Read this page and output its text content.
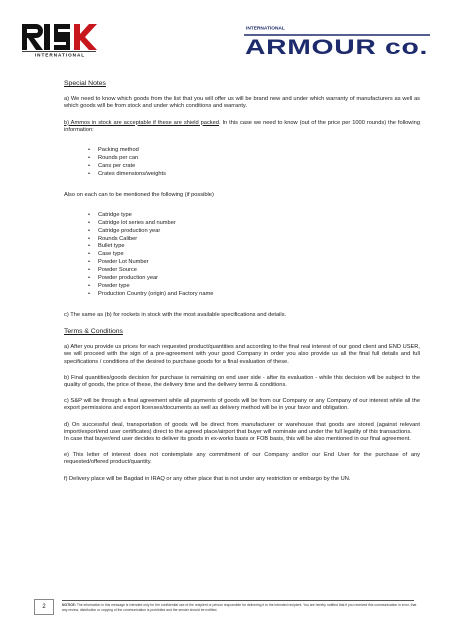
INTERNATIONAL
INTERNATIONAL
ARMOUR co.

Special Notes

a) We need to know which goods from the list that you will offer us will be brand new and under which warranty of manufacturers as well as which goods will be from stock and under which conditions and warranty.

b) Ammos in stock are acceptable if these are shield packed. In this case we need to know (out of the price per 1000 rounds) the following information:

• Packing method
• Rounds per can
• Cans per crate
• Crates dimensions/weights

Also on each can to be mentioned the following (if possible)

• Catridge type
• Catridge lot series and number
• Catridge production year
• Rounds Caliber
• Bullet type
• Case type
• Powder Lot Number
• Powder Source
• Powder production year
• Powder type
• Production Country (origin) and Factory name

c) The same as (b) for rockets in stock with the most available specifications and details.

Terms & Conditions

a) After you provide us prices for each requested product/quantities and according to the final real interest of our good client and END USER, we will proceed with the sign of a pre-agreement with your good Company in order you also provide us all the final full details and full specifications / conditions of the desired to purchase goods for a final evaluation of these.

b) Final quantities/goods decision for purchase is remaining on end user side - after its evaluation - while this decision will be subject to the quality of goods, the price of these, the delivery time and the delivery terms & conditions.

c) S&P will be through a final agreement while all payments of goods will be from our Company or any Company of our interest while all the export permissions and export licenses/documents as well as delivery method will be in your favor and obligation.

d) On successful deal, transportation of goods will be direct from manufacturer or warehouse that goods are stored (against relevant import/export/end user certificates) direct to the agreed place/airport that buyer will nominate and under the full legality of this transactions.
In case that buyer/end user decides to deliver its goods in ex-works basis or FOB basis, this will be also mentioned in our final agreement.

e) This letter of interest does not contemplate any commitment of our Company and/or our End User for the purchase of any requested/offered product/quantity.

f) Delivery place will be Bagdad in IRAQ or any other place that is not under any restriction or embargo by the UN.

2	NOTICE: The information in this message is intended only for the confidential use of the recipient or person responsible for delivering it to the intended recipient. You are hereby notified that if you received this communication in error, that any review, distribution or copying of the communication is prohibited and the sender should be notified.
